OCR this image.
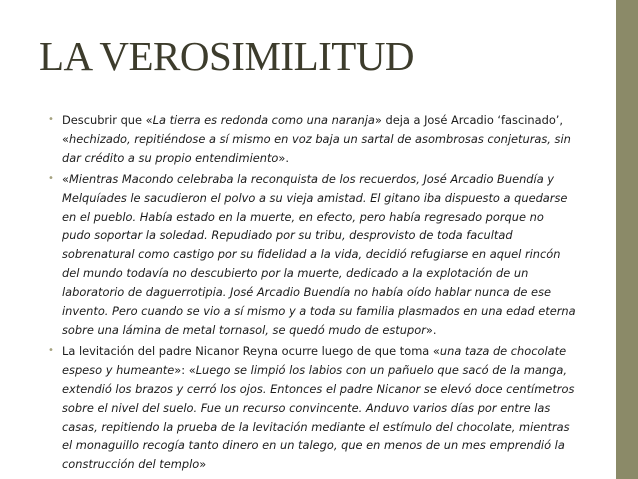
LA VEROSIMILITUD
• Descubrir que «La tierra es redonda como una naranja» deja a José Arcadio ‘fascinado’, «hechizado, repitiéndose a sí mismo en voz baja un sartal de asombrosas conjeturas, sin dar crédito a su propio entendimiento».
• «Mientras Macondo celebraba la reconquista de los recuerdos, José Arcadio Buendía y Melquíades le sacudieron el polvo a su vieja amistad. El gitano iba dispuesto a quedarse en el pueblo. Había estado en la muerte, en efecto, pero había regresado porque no pudo soportar la soledad. Repudiado por su tribu, desprovisto de toda facultad sobrenatural como castigo por su fidelidad a la vida, decidió refugiarse en aquel rincón del mundo todavía no descubierto por la muerte, dedicado a la explotación de un laboratorio de daguerrotipia. José Arcadio Buendía no había oído hablar nunca de ese invento. Pero cuando se vio a sí mismo y a toda su familia plasmados en una edad eterna sobre una lámina de metal tornasol, se quedó mudo de estupor».
• La levitación del padre Nicanor Reyna ocurre luego de que toma «una taza de chocolate espeso y humeante»: «Luego se limpió los labios con un pañuelo que sacó de la manga, extendió los brazos y cerró los ojos. Entonces el padre Nicanor se elevó doce centímetros sobre el nivel del suelo. Fue un recurso convincente. Anduvo varios días por entre las casas, repitiendo la prueba de la levitación mediante el estímulo del chocolate, mientras el monaguillo recogía tanto dinero en un talego, que en menos de un mes emprendió la construcción del templo»
